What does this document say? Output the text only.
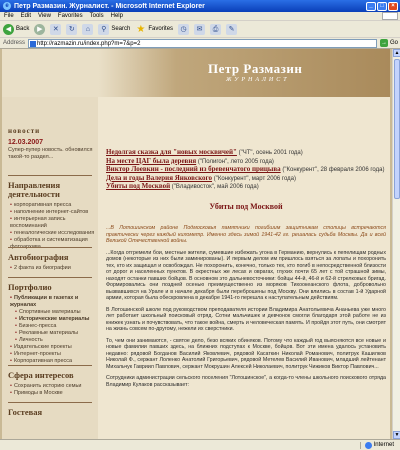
e Петр Размазин. Журналист. - Microsoft Internet Explorer	_	□	×
File Edit View Favorites Tools Help
◀ Back	▶	✕	↻	⌂	⚲ Search ★ Favorites	◷	✉	⎙	✎
Address	http://razmazin.ru/index.php?m=7&p=2	→ Go
Петр Размазин
ЖУРНАЛИСТ
новости
12.03.2007
Супер-пупер новость. обновился такой-то раздел...
Направления деятельности
• корпоративная пресса
• наполнение интернет-сайтов
• интерьерная запись воспоминаний
• генеалогические исследования
• обработка и систематизация
Автобиография
• 2 факта из биографии
Портфолио
• Публикации в газетах и журналах
• Спортивные материалы
• Исторические материалы
• Бизнес-пресса
• Рекламные материалы
• Личность
• Издательские проекты
• Интернет-проекты
• Корпоративная пресса
Сфера интересов
• Сохранить историю семьи
• Примоды в Москве
Гостевая
Недолгая сказка для "новых москвичей" ("ЧТ", осень 2001 года)
На месте ЦАГ была деревня ("Полигон", лето 2005 года)
Виктор Лоевкин - последний из бревенчатого прицыва ("Конкурент", 28 февраля 2006 года)
Дела и годы Валерия Янковского ("Конкурент", март 2006 года)
Убиты под Москвой ("Владивосток", май 2006 года)
Убиты под Москвой

...В Лотошинском районе Подмосковья памятники погибшим защитникам столицы встречаются практически через каждый километр. Именно здесь зимой 1941-42 гг. решалась судьба Москвы. Да и всей Великой Отечественной войны.

...Когда отгремели бои, местные жители, сумевшие избежать угона в Германию, вернулись к пепелищам родных домов (некоторые из них были заминированы). И первым делом им пришлось взяться за лопаты и похоронить тех, кто их защищал и освобождал. Не похоронить, конечно, только тех, кто погиб в непосредственной близости от дорог и населенных пунктов. В окрестных же лесах и оврагах, глухих почти 65 лет с той страшной зимы, находят останки павших бойцов. В основном это дальневосточники: бойцы 44-й, 46-й и 62-й стрелковых бригад. Формировались они поздней осенью преимущественно из моряков Тихоокеанского флота, добровольно вызвавшихся на Урале и в начале декабря были переброшены под Москву. Они влились в состав 1-й Ударной армии, которая была обескровлена в декабре 1941-го перешла к наступательным действиям.

В Лотошинской школе под руководством преподавателя истории Владимира Анатольевича Ананьева уже много лет работает школьный поисковый отряд. Сотни мальчишек и девчонок смогли благодаря этой работе не из книжек узнать и почувствовать, что такое война, смерть и человеческая память. И пройдя этот путь, они смотрят на жизнь совсем по-другому, нежели их сверстники.

То, чем они занимаются, - святое дело, безо всяких обиняков. Потому что каждый год выясняются все новые и новые фамилии павших здесь, на ближних подступах к Москве, бойцов. Вот эти имена удалось установить недавно: рядовой Богданов Василий Яковлевич, рядовой Касаткин Николай Романович, политрук Кашилков Николай Ф., сержант Лоленко Анатолий Григорьевич, рядовой Метелев Василий Иванович, младший лейтенант Михальчук Гавриил Павлович, сержант Мокрушин Алексей Николаевич, политрук Чижиков Виктор Павлович...

Сотрудники администрации сельского поселения "Лотошинское", а когда-то члены школьного поискового отряда Владимир Кулаков рассказывает:

▲
▼
Internet
